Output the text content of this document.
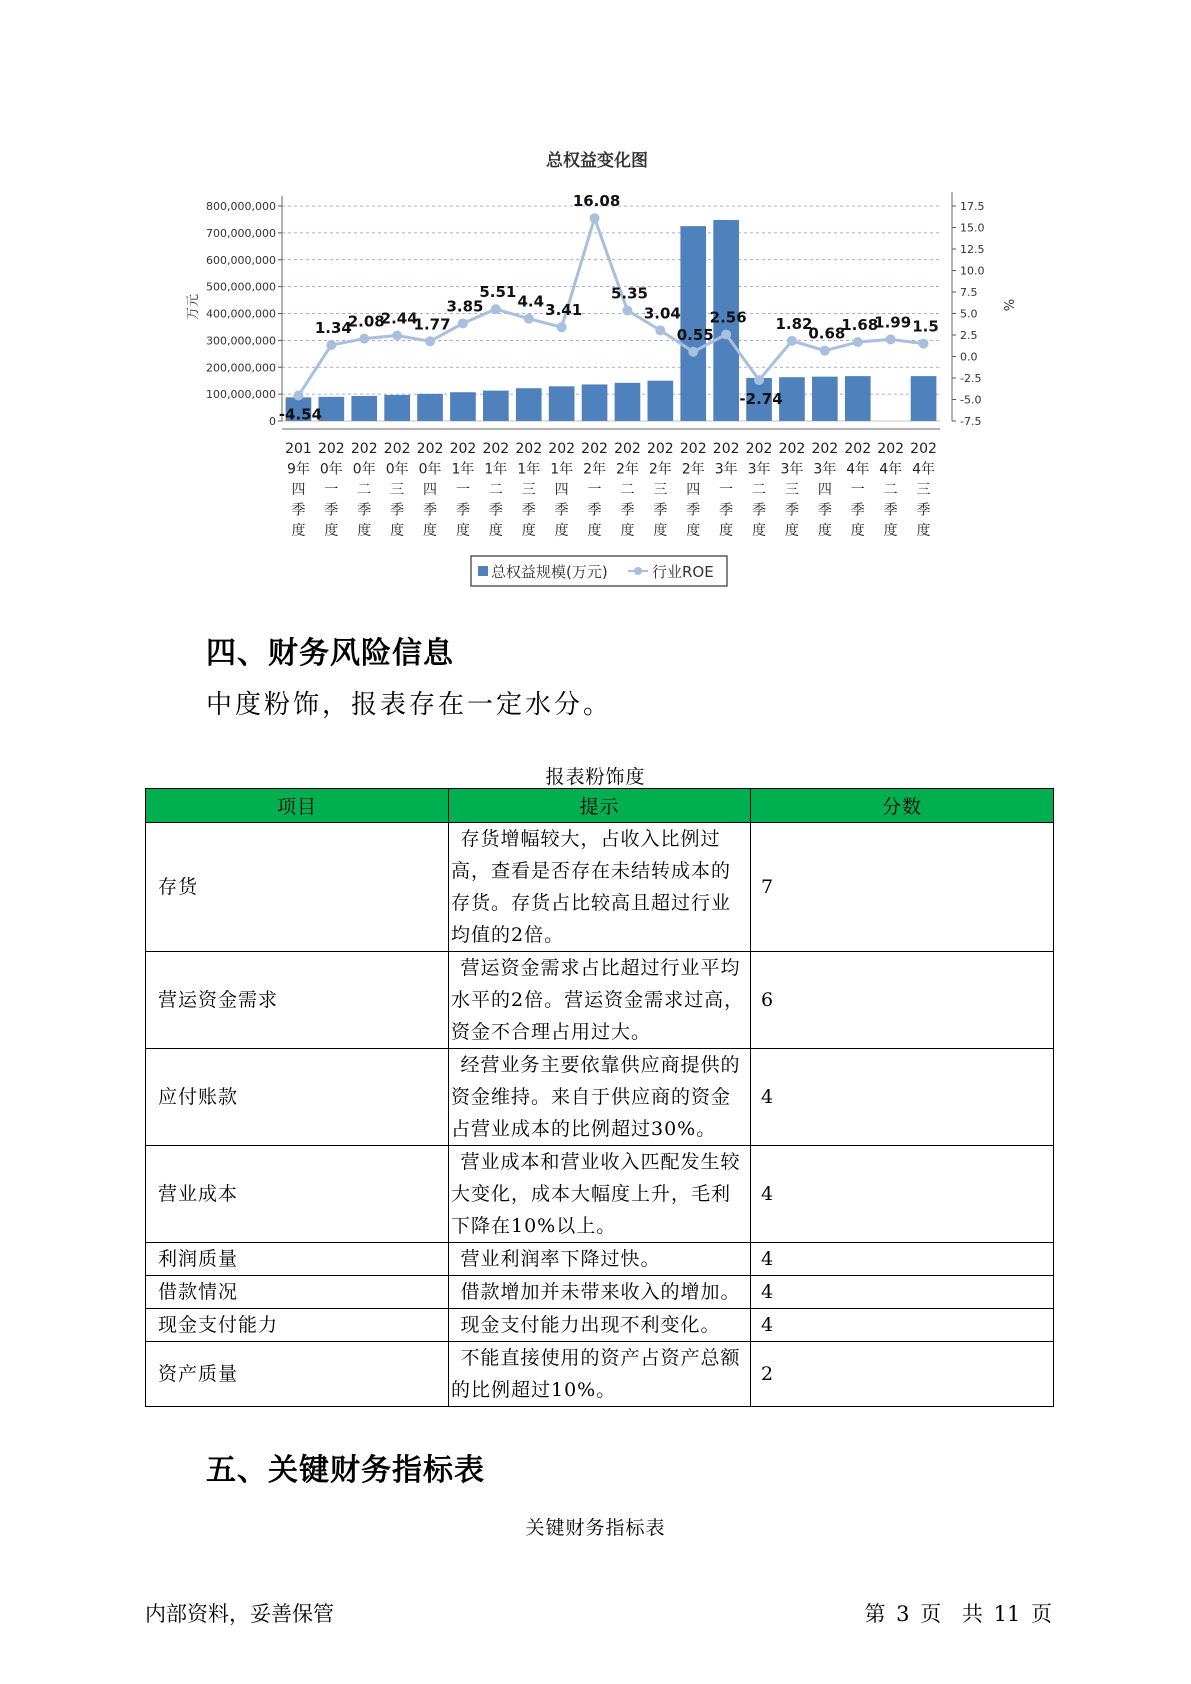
总权益变化图
0
100,000,000
200,000,000
300,000,000
400,000,000
500,000,000
600,000,000
700,000,000
800,000,000
-7.5
-5.0
-2.5
0.0
2.5
5.0
7.5
10.0
12.5
15.0
17.5
-4.54
1.34
2.08
2.44
1.77
3.85
5.51
4.4 3.41
16.08
5.35
3.04
0.55
2.56
-2.74
1.82
0.68
1.68
1.99 1.5
201
9年
四
季
度
202
0年
一
季
度
202
0年
二
季
度
202
0年
三
季
度
202
0年
四
季
度
202
1年
一
季
度
202
1年
二
季
度
202
1年
三
季
度
202
1年
四
季
度
202
2年
一
季
度
202
2年
二
季
度
202
2年
三
季
度
202
2年
四
季
度
202
3年
一
季
度
202
3年
二
季
度
202
3年
三
季
度
202
3年
四
季
度
202
4年
一
季
度
202
4年
二
季
度
202
4年
三
季
度
万元	%
总权益规模(万元)	行业ROE
四、财务风险信息

中度粉饰，报表存在一定水分。

报表粉饰度

项目	提示	分数
存货	存货增幅较大，占收入比例过高，查看是否存在未结转成本的存货。存货占比较高且超过行业均值的2倍。	7
营运资金需求	营运资金需求占比超过行业平均水平的2倍。营运资金需求过高，资金不合理占用过大。	6
应付账款	经营业务主要依靠供应商提供的资金维持。来自于供应商的资金占营业成本的比例超过30%。	4
营业成本	营业成本和营业收入匹配发生较大变化，成本大幅度上升，毛利下降在10%以上。	4
利润质量	营业利润率下降过快。	4
借款情况	借款增加并未带来收入的增加。	4
现金支付能力	现金支付能力出现不利变化。	4
资产质量	不能直接使用的资产占资产总额的比例超过10%。	2
五、关键财务指标表

关键财务指标表

内部资料，妥善保管	第 3 页 共 11 页
